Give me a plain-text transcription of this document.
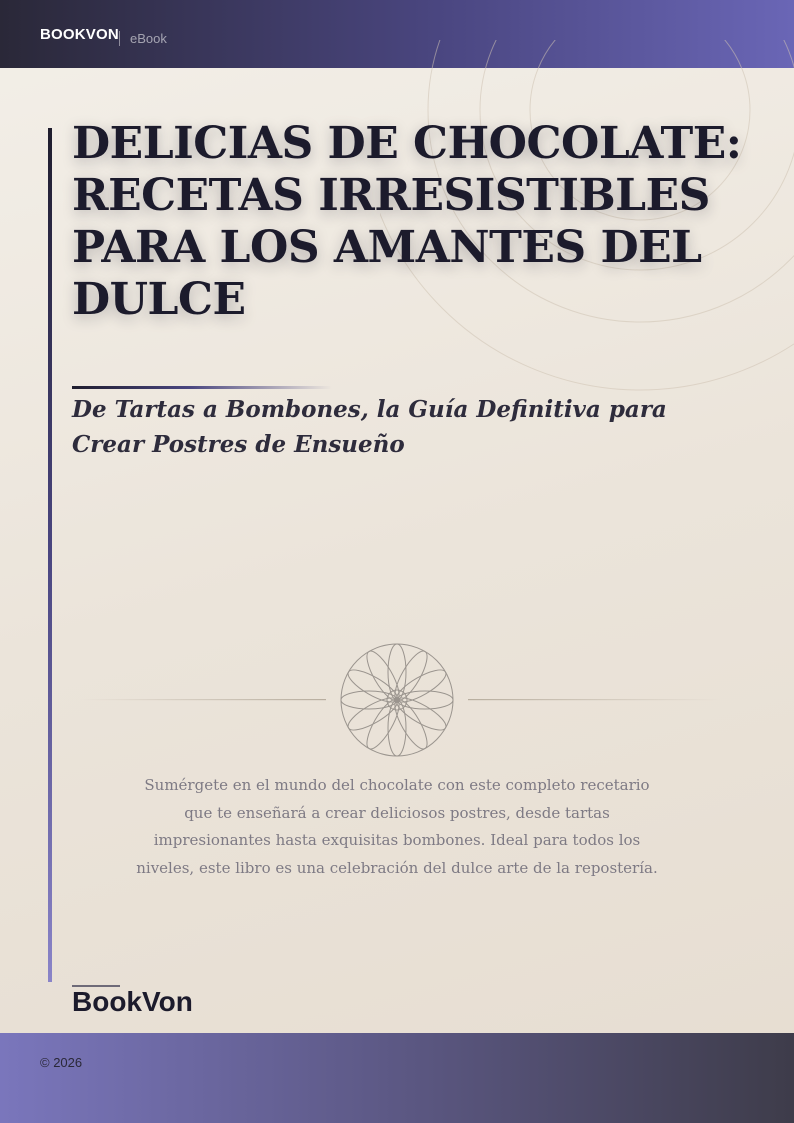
BOOKVON eBook
DELICIAS DE CHOCOLATE: RECETAS IRRESISTIBLES PARA LOS AMANTES DEL DULCE
De Tartas a Bombones, la Guía Definitiva para Crear Postres de Ensueño

Sumérgete en el mundo del chocolate con este completo recetario que te enseñará a crear deliciosos postres, desde tartas impresionantes hasta exquisitas bombones. Ideal para todos los niveles, este libro es una celebración del dulce arte de la repostería.

BookVon
© 2026
